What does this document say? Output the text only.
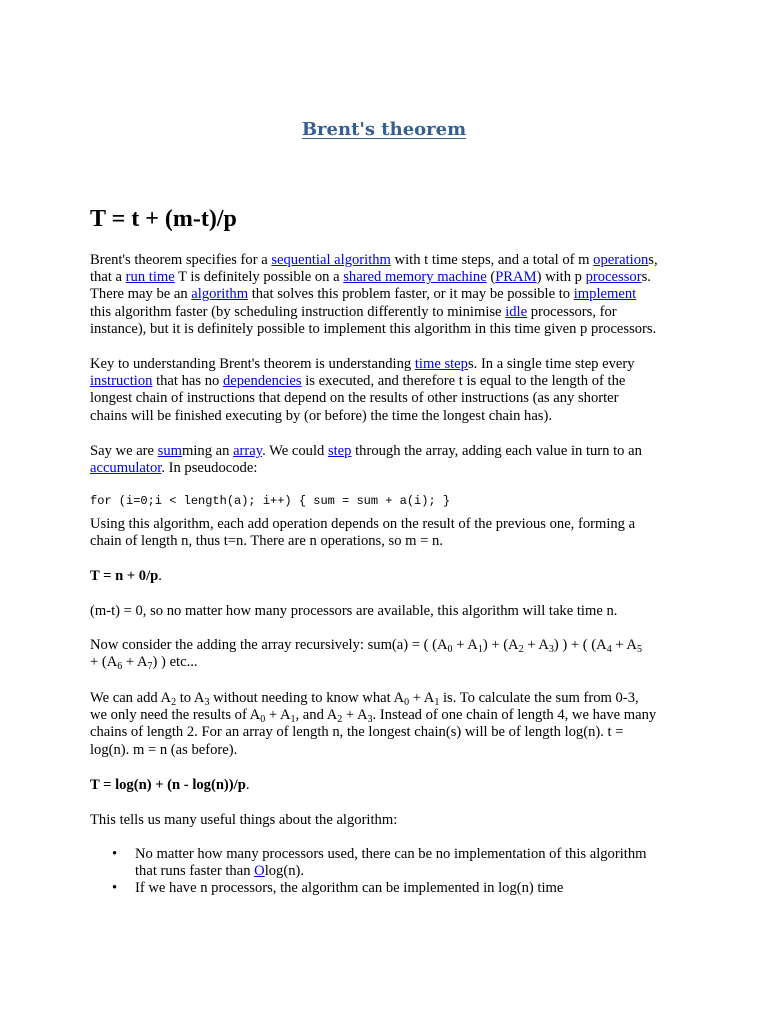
Brent's theorem
T = t + (m-t)/p
Brent's theorem specifies for a sequential algorithm with t time steps, and a total of m operations,
that a run time T is definitely possible on a shared memory machine (PRAM) with p processors.
There may be an algorithm that solves this problem faster, or it may be possible to implement
this algorithm faster (by scheduling instruction differently to minimise idle processors, for
instance), but it is definitely possible to implement this algorithm in this time given p processors.
Key to understanding Brent's theorem is understanding time steps. In a single time step every
instruction that has no dependencies is executed, and therefore t is equal to the length of the
longest chain of instructions that depend on the results of other instructions (as any shorter
chains will be finished executing by (or before) the time the longest chain has).
Say we are summing an array. We could step through the array, adding each value in turn to an
accumulator. In pseudocode:
for (i=0;i < length(a); i++) { sum = sum + a(i); }
Using this algorithm, each add operation depends on the result of the previous one, forming a
chain of length n, thus t=n. There are n operations, so m = n.
T = n + 0/p.
(m-t) = 0, so no matter how many processors are available, this algorithm will take time n.
Now consider the adding the array recursively: sum(a) = ( $(A_0 + A_1) + (A_2 + A_3)$ ) + ( ($A_4 + A_5$
+ $(A_6 + A_7)$ ) etc...
We can add $A_2$ to $A_3$ without needing to know what $A_0 + A_1$ is. To calculate the sum from 0-3,
we only need the results of $A_0 + A_1$, and $A_2 + A_3$. Instead of one chain of length 4, we have many
chains of length 2. For an array of length n, the longest chain(s) will be of length log(n). t =
log(n). m = n (as before).
T = log(n) + (n - log(n))/p.
This tells us many useful things about the algorithm:
• No matter how many processors used, there can be no implementation of this algorithm
that runs faster than Olog(n).
• If we have n processors, the algorithm can be implemented in log(n) time
